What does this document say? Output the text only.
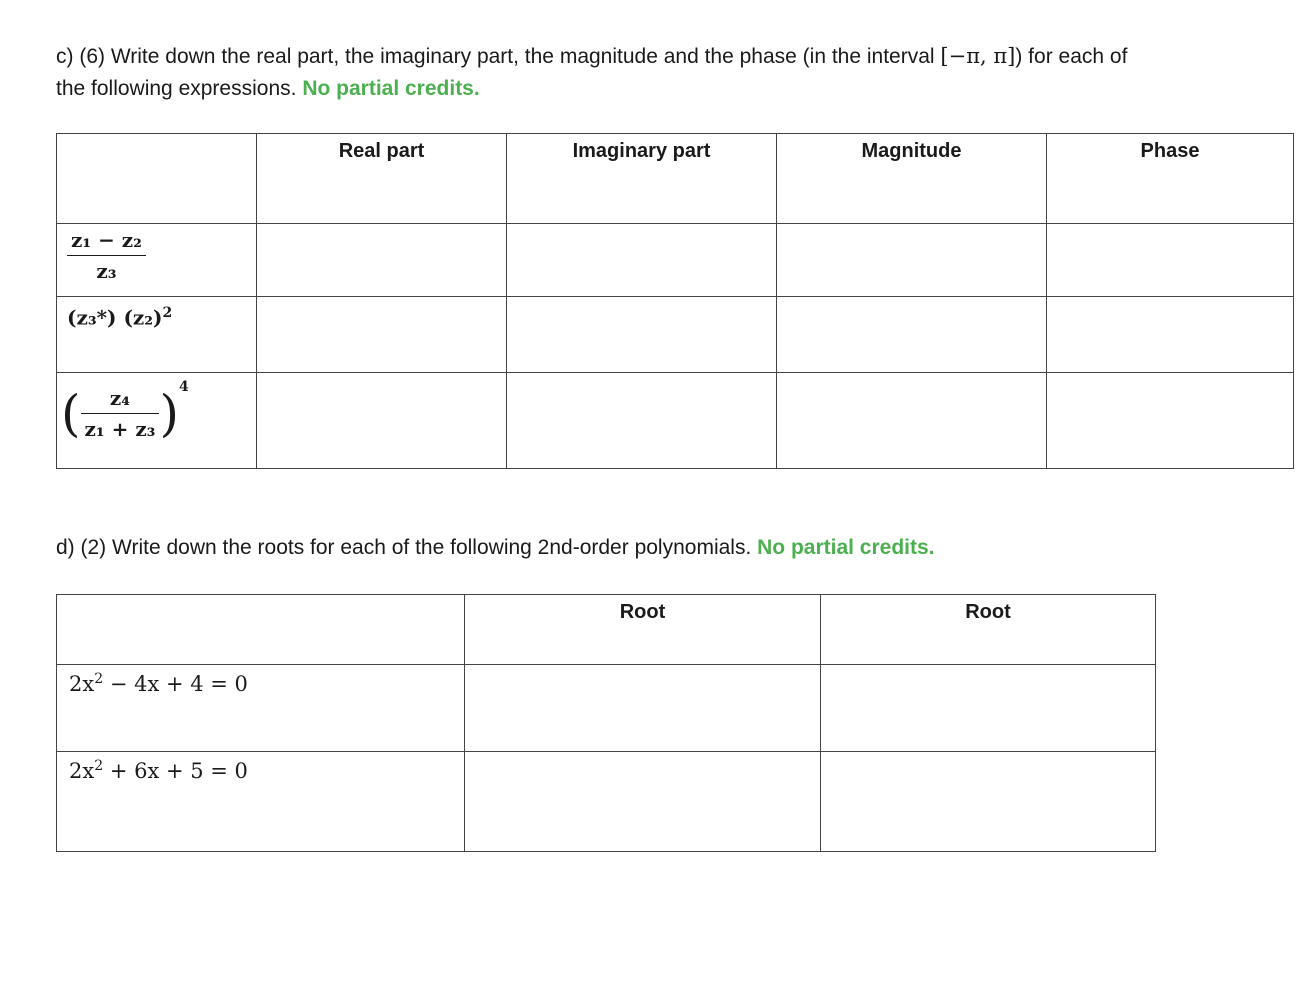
c) (6) Write down the real part, the imaginary part, the magnitude and the phase (in the interval [−π, π]) for each of
the following expressions. No partial credits.
	Real part	Imaginary part	Magnitude	Phase

$\frac{\text{z₁ − z₂}}{\text{z₃}}$

(z₃*) $(z_2)^2$				
( $\frac{\text{z₄}}{\text{z₁ + z₃}} )^4$				
d) (2) Write down the roots for each of the following 2nd-order polynomials. No partial credits.
	Root	Root
$2x^2 - 4x + 4 = 0$		
$2x^2 + 6x + 5 = 0$		
